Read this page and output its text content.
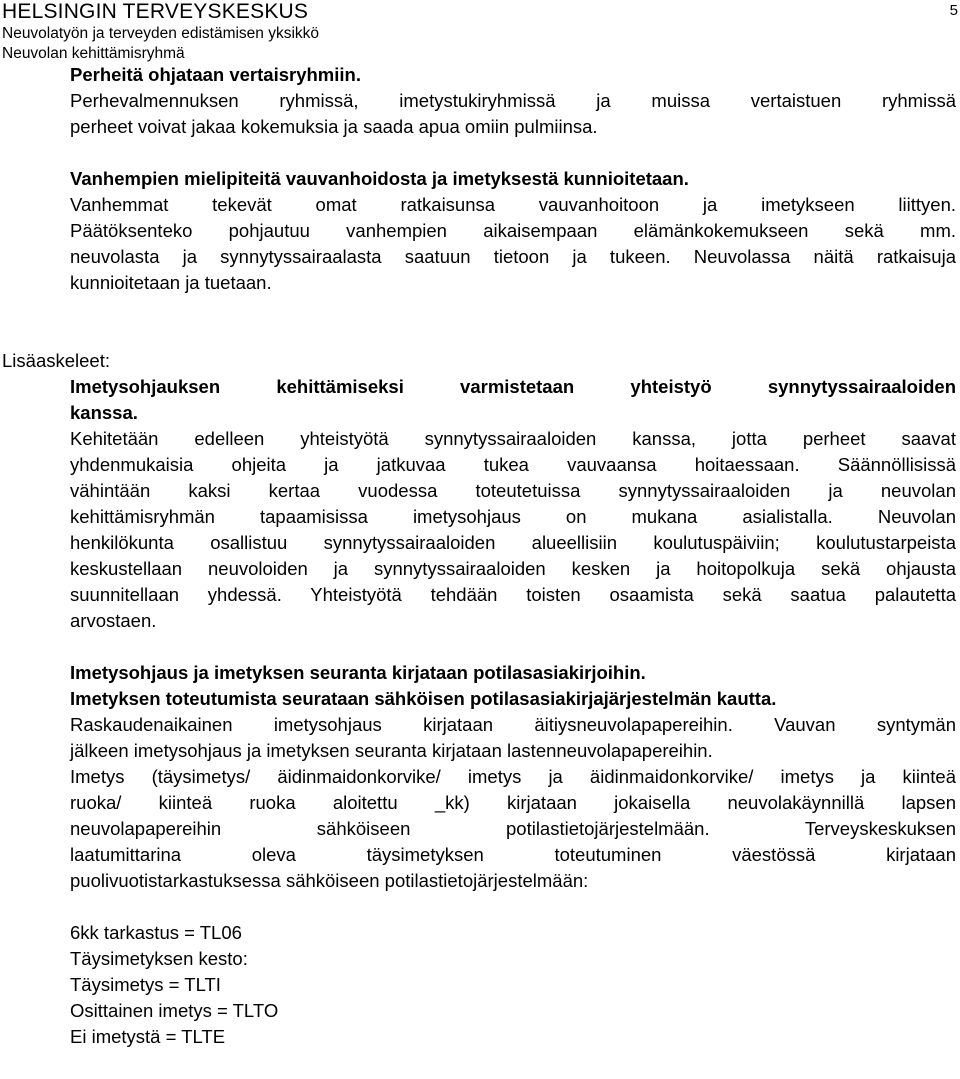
HELSINGIN TERVEYSKESKUS
Neuvolatyön ja terveyden edistämisen yksikkö
Neuvolan kehittämisryhmä
5

Perheitä ohjataan vertaisryhmiin.

Perhevalmennuksen ryhmissä, imetystukiryhmissä ja muissa vertaistuen ryhmissä

perheet voivat jakaa kokemuksia ja saada apua omiin pulmiinsa.

Vanhempien mielipiteitä vauvanhoidosta ja imetyksestä kunnioitetaan.

Vanhemmat tekevät omat ratkaisunsa vauvanhoitoon ja imetykseen liittyen.

Päätöksenteko pohjautuu vanhempien aikaisempaan elämänkokemukseen sekä mm.

neuvolasta ja synnytyssairaalasta saatuun tietoon ja tukeen. Neuvolassa näitä ratkaisuja

kunnioitetaan ja tuetaan.

Lisäaskeleet:

Imetysohjauksen kehittämiseksi varmistetaan yhteistyö synnytyssairaaloiden

kanssa.

Kehitetään edelleen yhteistyötä synnytyssairaaloiden kanssa, jotta perheet saavat

yhdenmukaisia ohjeita ja jatkuvaa tukea vauvaansa hoitaessaan. Säännöllisissä

vähintään kaksi kertaa vuodessa toteutetuissa synnytyssairaaloiden ja neuvolan

kehittämisryhmän tapaamisissa imetysohjaus on mukana asialistalla. Neuvolan

henkilökunta osallistuu synnytyssairaaloiden alueellisiin koulutuspäiviin; koulutustarpeista

keskustellaan neuvoloiden ja synnytyssairaaloiden kesken ja hoitopolkuja sekä ohjausta

suunnitellaan yhdessä. Yhteistyötä tehdään toisten osaamista sekä saatua palautetta

arvostaen.

Imetysohjaus ja imetyksen seuranta kirjataan potilasasiakirjoihin.

Imetyksen toteutumista seurataan sähköisen potilasasiakirjajärjestelmän kautta.

Raskaudenaikainen imetysohjaus kirjataan äitiysneuvolapapereihin. Vauvan syntymän

jälkeen imetysohjaus ja imetyksen seuranta kirjataan lastenneuvolapapereihin.

Imetys (täysimetys/ äidinmaidonkorvike/ imetys ja äidinmaidonkorvike/ imetys ja kiinteä

ruoka/ kiinteä ruoka aloitettu _kk) kirjataan jokaisella neuvolakäynnillä lapsen

neuvolapapereihin sähköiseen potilastietojärjestelmään. Terveyskeskuksen

laatumittarina oleva täysimetyksen toteutuminen väestössä kirjataan

puolivuotistarkastuksessa sähköiseen potilastietojärjestelmään:

6kk tarkastus = TL06

Täysimetyksen kesto:

Täysimetys = TLTI

Osittainen imetys = TLTO

Ei imetystä = TLTE
